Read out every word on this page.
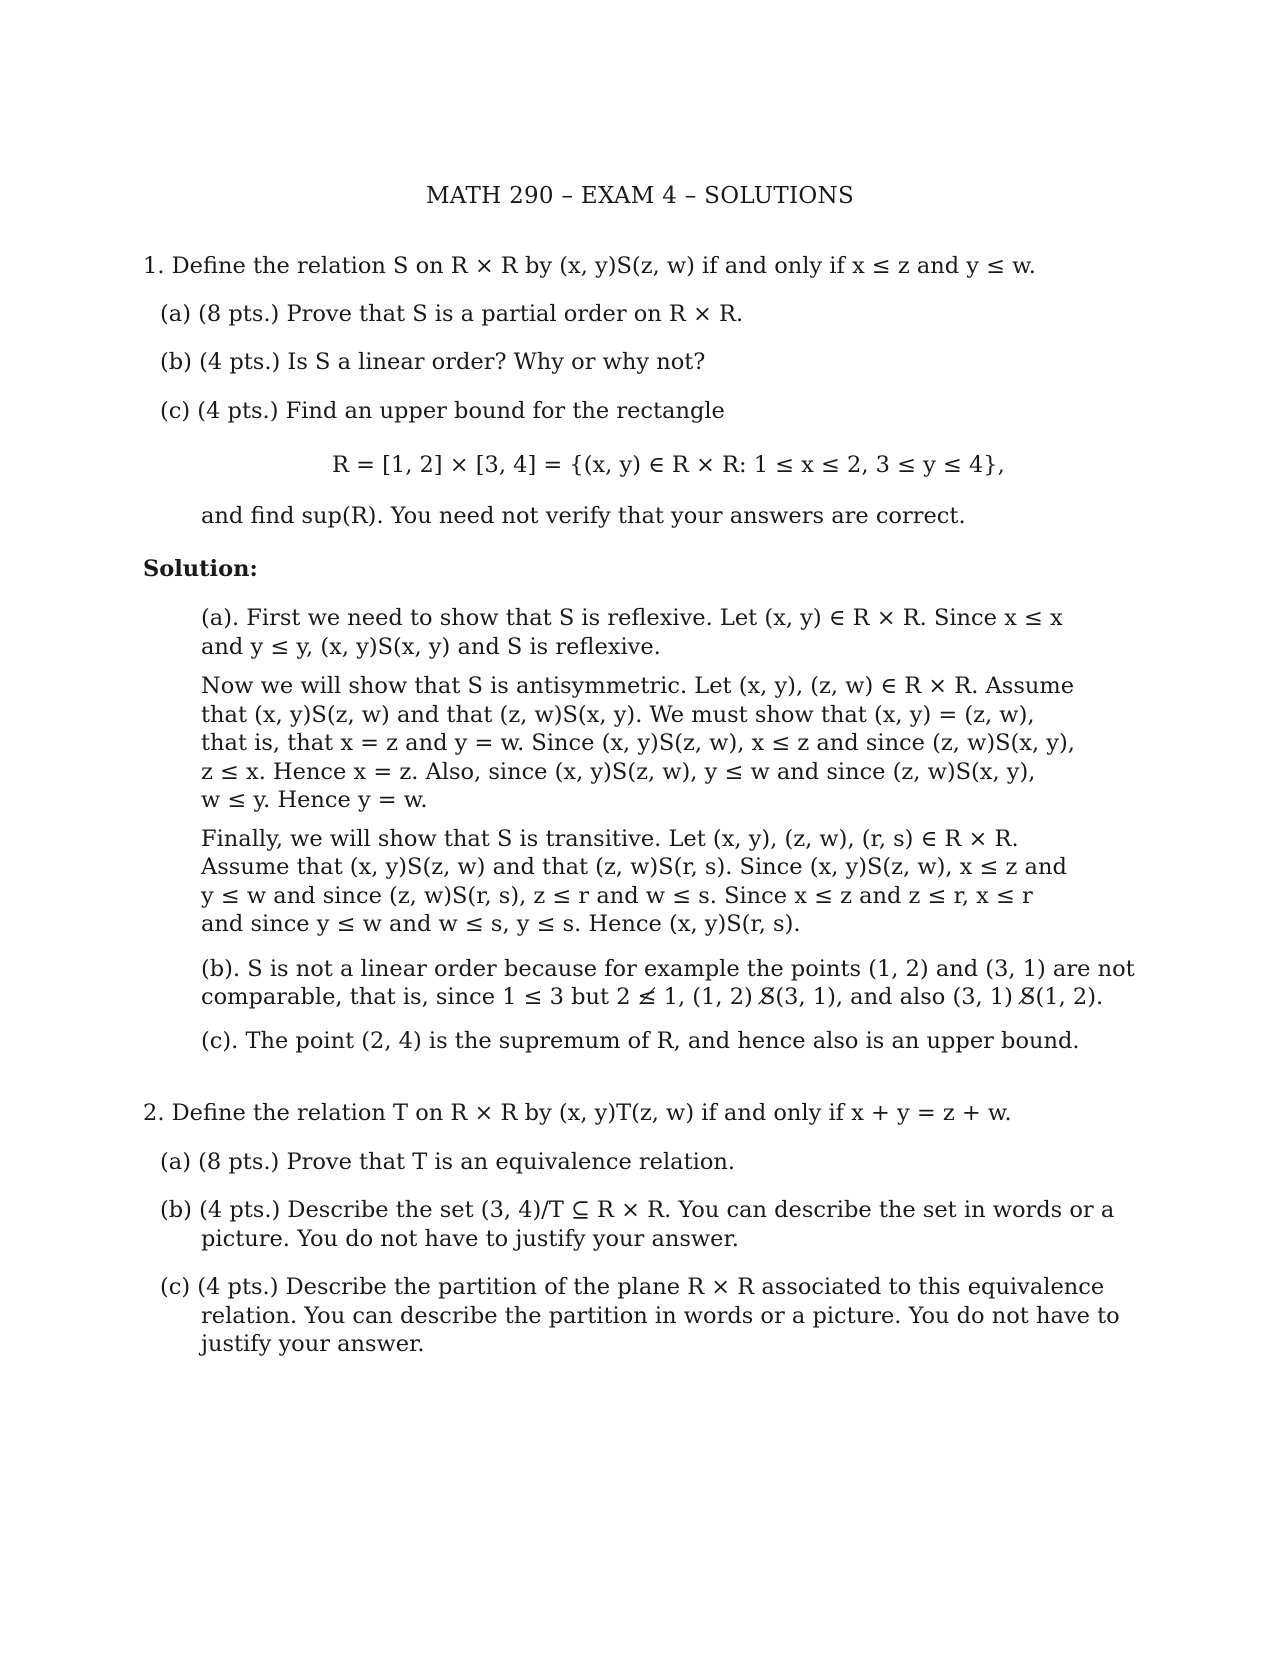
MATH 290 – EXAM 4 – SOLUTIONS
1. Define the relation S on R × R by (x, y)S(z, w) if and only if x ≤ z and y ≤ w.
(a) (8 pts.) Prove that S is a partial order on R × R.
(b) (4 pts.) Is S a linear order? Why or why not?
(c) (4 pts.) Find an upper bound for the rectangle
R = [1, 2] × [3, 4] = {(x, y) ∈ R × R: 1 ≤ x ≤ 2, 3 ≤ y ≤ 4},
and find sup(R). You need not verify that your answers are correct.
Solution:
(a). First we need to show that S is reflexive. Let (x, y) ∈ R × R. Since x ≤ x
and y ≤ y, (x, y)S(x, y) and S is reflexive.
Now we will show that S is antisymmetric. Let (x, y), (z, w) ∈ R × R. Assume
that (x, y)S(z, w) and that (z, w)S(x, y). We must show that (x, y) = (z, w),
that is, that x = z and y = w. Since (x, y)S(z, w), x ≤ z and since (z, w)S(x, y),
z ≤ x. Hence x = z. Also, since (x, y)S(z, w), y ≤ w and since (z, w)S(x, y),
w ≤ y. Hence y = w.
Finally, we will show that S is transitive. Let (x, y), (z, w), (r, s) ∈ R × R.
Assume that (x, y)S(z, w) and that (z, w)S(r, s). Since (x, y)S(z, w), x ≤ z and
y ≤ w and since (z, w)S(r, s), z ≤ r and w ≤ s. Since x ≤ z and z ≤ r, x ≤ r
and since y ≤ w and w ≤ s, y ≤ s. Hence (x, y)S(r, s).
(b). S is not a linear order because for example the points (1, 2) and (3, 1) are not
comparable, that is, since 1 ≤ 3 but 2 ≰ 1, (1, 2) S̸(3, 1), and also (3, 1) S̸(1, 2).
(c). The point (2, 4) is the supremum of R, and hence also is an upper bound.
2. Define the relation T on R × R by (x, y)T(z, w) if and only if x + y = z + w.
(a) (8 pts.) Prove that T is an equivalence relation.
(b) (4 pts.) Describe the set (3, 4)/T ⊆ R × R. You can describe the set in words or a
picture. You do not have to justify your answer.
(c) (4 pts.) Describe the partition of the plane R × R associated to this equivalence
relation. You can describe the partition in words or a picture. You do not have to
justify your answer.
